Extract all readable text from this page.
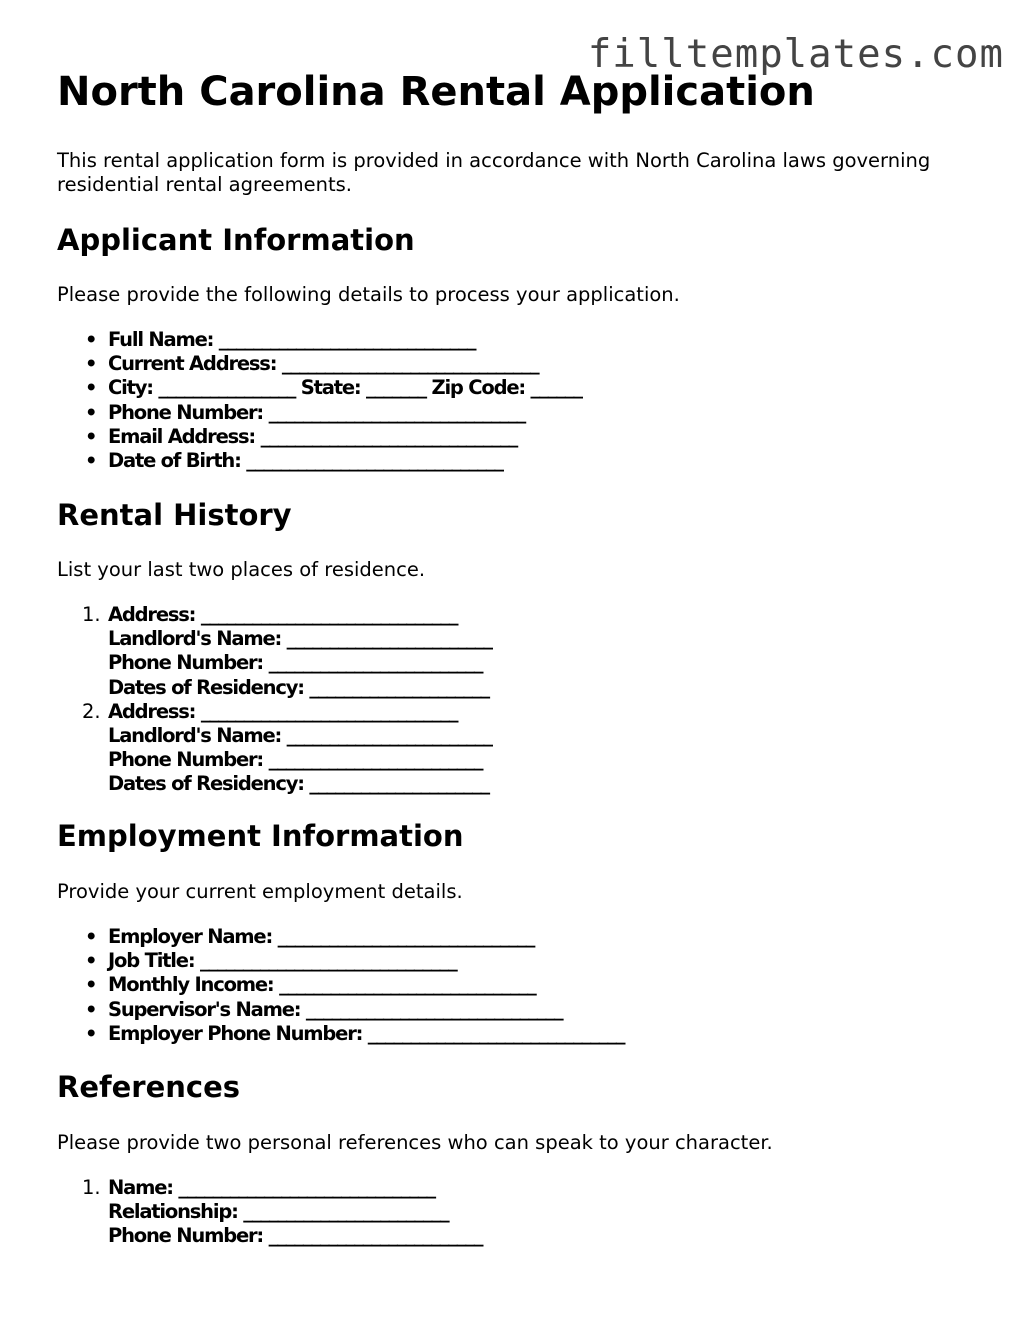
filltemplates.com
North Carolina Rental Application

This rental application form is provided in accordance with North Carolina laws governing residential rental agreements.

Applicant Information

Please provide the following details to process your application.

• Full Name: ______________________________
• Current Address: ______________________________
• City: ________________ State: _______ Zip Code: ______
• Phone Number: ______________________________
• Email Address: ______________________________
• Date of Birth: ______________________________
Rental History

List your last two places of residence.

1. Address: ______________________________
Landlord's Name: ________________________
Phone Number: _________________________
Dates of Residency: _____________________
2. Address: ______________________________
Landlord's Name: ________________________
Phone Number: _________________________
Dates of Residency: _____________________
Employment Information

Provide your current employment details.

• Employer Name: ______________________________
• Job Title: ______________________________
• Monthly Income: ______________________________
• Supervisor's Name: ______________________________
• Employer Phone Number: ______________________________
References

Please provide two personal references who can speak to your character.

1. Name: ______________________________
Relationship: ________________________
Phone Number: _________________________
